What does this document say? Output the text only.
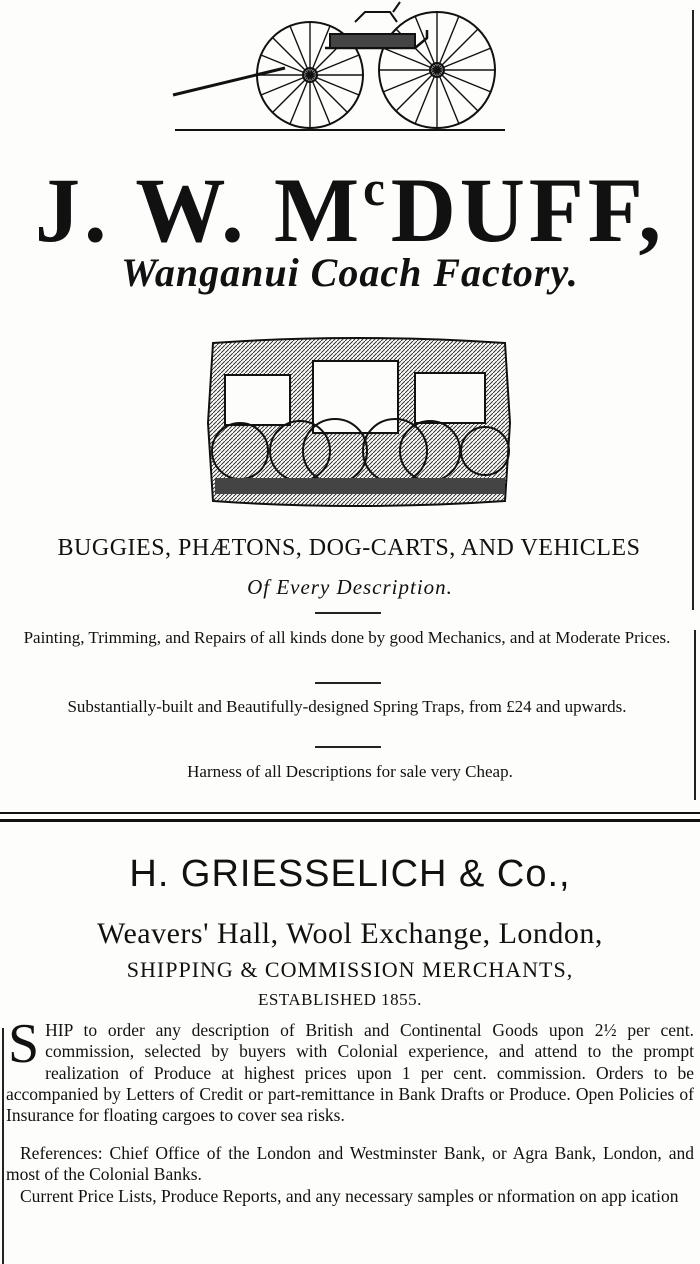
J. W. $M^cDUFF$,
Wanganui Coach Factory.
BUGGIES, PHÆTONS, DOG-CARTS, AND VEHICLES
Of Every Description.
Painting, Trimming, and Repairs of all kinds done by good Mechanics, and at Moderate Prices.
Substantially-built and Beautifully-designed Spring Traps, from £24 and upwards.
Harness of all Descriptions for sale very Cheap.
H. GRIESSELICH & Co.,
Weavers' Hall, Wool Exchange, London,
SHIPPING & COMMISSION MERCHANTS,
ESTABLISHED 1855.
S HIP to order any description of British and Continental Goods upon 2½ per cent. commission, selected by buyers with Colonial experience, and attend to the prompt realization of Produce at highest prices upon 1 per cent. commission. Orders to be accompanied by Letters of Credit or part-remittance in Bank Drafts or Produce. Open Policies of Insurance for floating cargoes to cover sea risks.

References: Chief Office of the London and Westminster Bank, or Agra Bank, London, and most of the Colonial Banks.
Current Price Lists, Produce Reports, and any necessary samples or nformation on app ication
